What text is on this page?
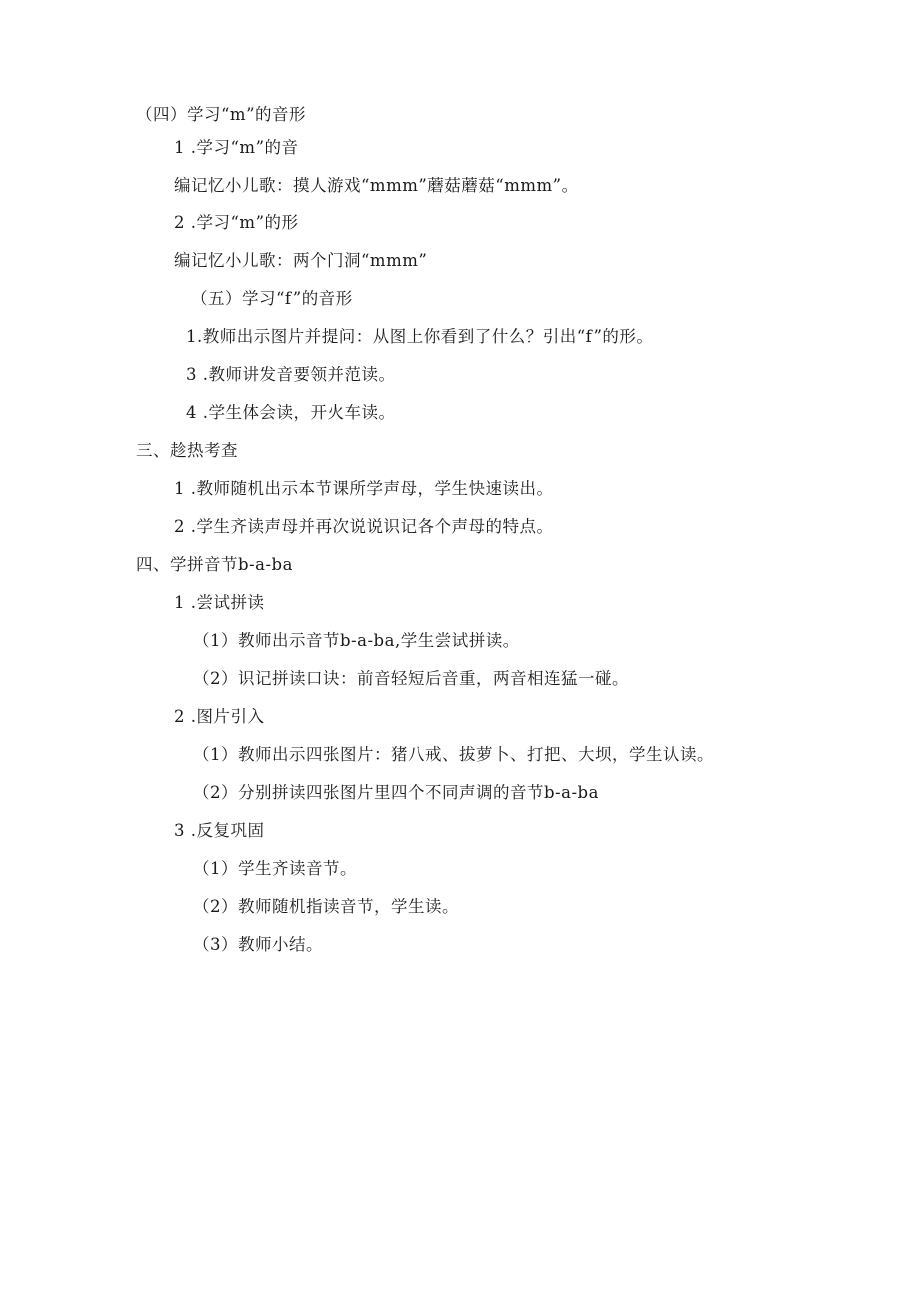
（四）学习“m”的音形
1 .学习“m”的音
编记忆小儿歌：摸人游戏“mmm”蘑菇蘑菇“mmm”。
2 .学习“m”的形
编记忆小儿歌：两个门洞“mmm”
（五）学习“f”的音形
1.教师出示图片并提问：从图上你看到了什么？引出“f”的形。
3 .教师讲发音要领并范读。
4 .学生体会读，开火车读。
三、趁热考查
1 .教师随机出示本节课所学声母，学生快速读出。
2 .学生齐读声母并再次说说识记各个声母的特点。
四、学拼音节b-a-ba
1 .尝试拼读
（1）教师出示音节b-a-ba,学生尝试拼读。
（2）识记拼读口诀：前音轻短后音重，两音相连猛一碰。
2 .图片引入
（1）教师出示四张图片：猪八戒、拔萝卜、打把、大坝，学生认读。
（2）分别拼读四张图片里四个不同声调的音节b-a-ba
3 .反复巩固
（1）学生齐读音节。
（2）教师随机指读音节，学生读。
（3）教师小结。
